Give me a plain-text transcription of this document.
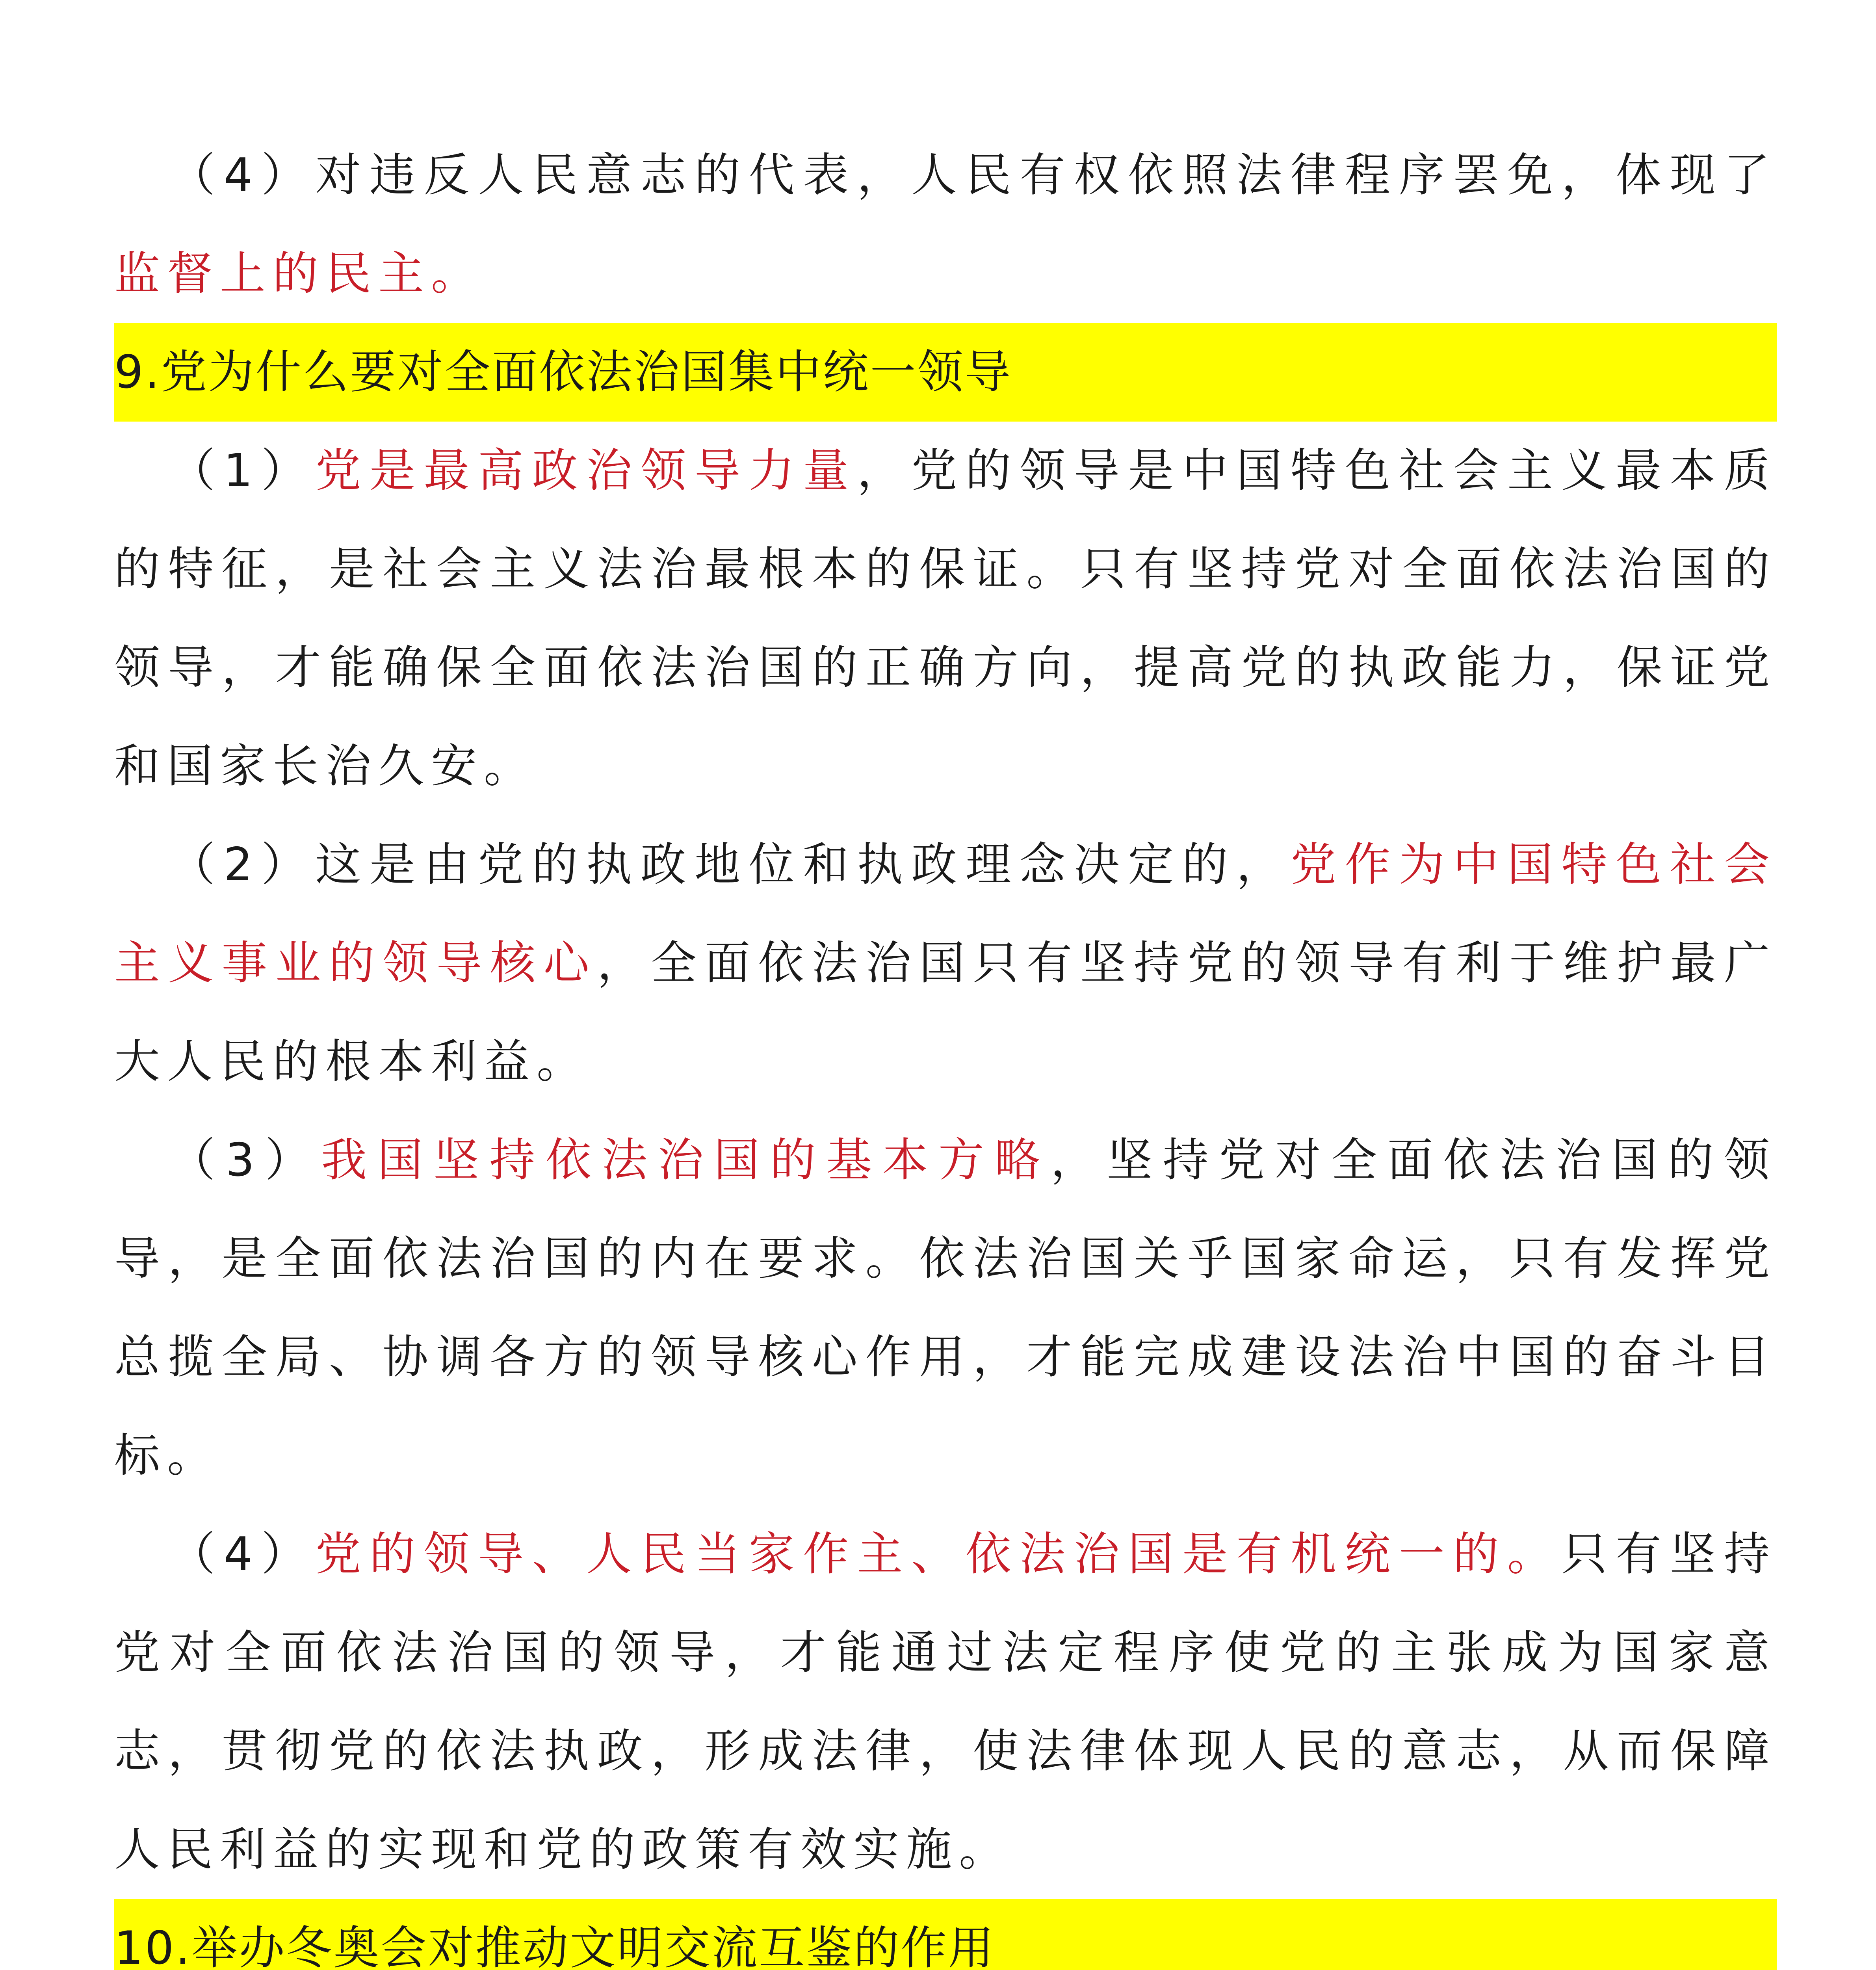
（4）对违反人民意志的代表，人民有权依照法律程序罢免，体现了监督上的民主。

9.党为什么要对全面依法治国集中统一领导

（1）党是最高政治领导力量，党的领导是中国特色社会主义最本质的特征，是社会主义法治最根本的保证。只有坚持党对全面依法治国的领导，才能确保全面依法治国的正确方向，提高党的执政能力，保证党和国家长治久安。

（2）这是由党的执政地位和执政理念决定的，党作为中国特色社会主义事业的领导核心，全面依法治国只有坚持党的领导有利于维护最广大人民的根本利益。

（3）我国坚持依法治国的基本方略，坚持党对全面依法治国的领导，是全面依法治国的内在要求。依法治国关乎国家命运，只有发挥党总揽全局、协调各方的领导核心作用，才能完成建设法治中国的奋斗目标。

（4）党的领导、人民当家作主、依法治国是有机统一的。只有坚持党对全面依法治国的领导，才能通过法定程序使党的主张成为国家意志，贯彻党的依法执政，形成法律，使法律体现人民的意志，从而保障人民利益的实现和党的政策有效实施。

10.举办冬奥会对推动文明交流互鉴的作用
